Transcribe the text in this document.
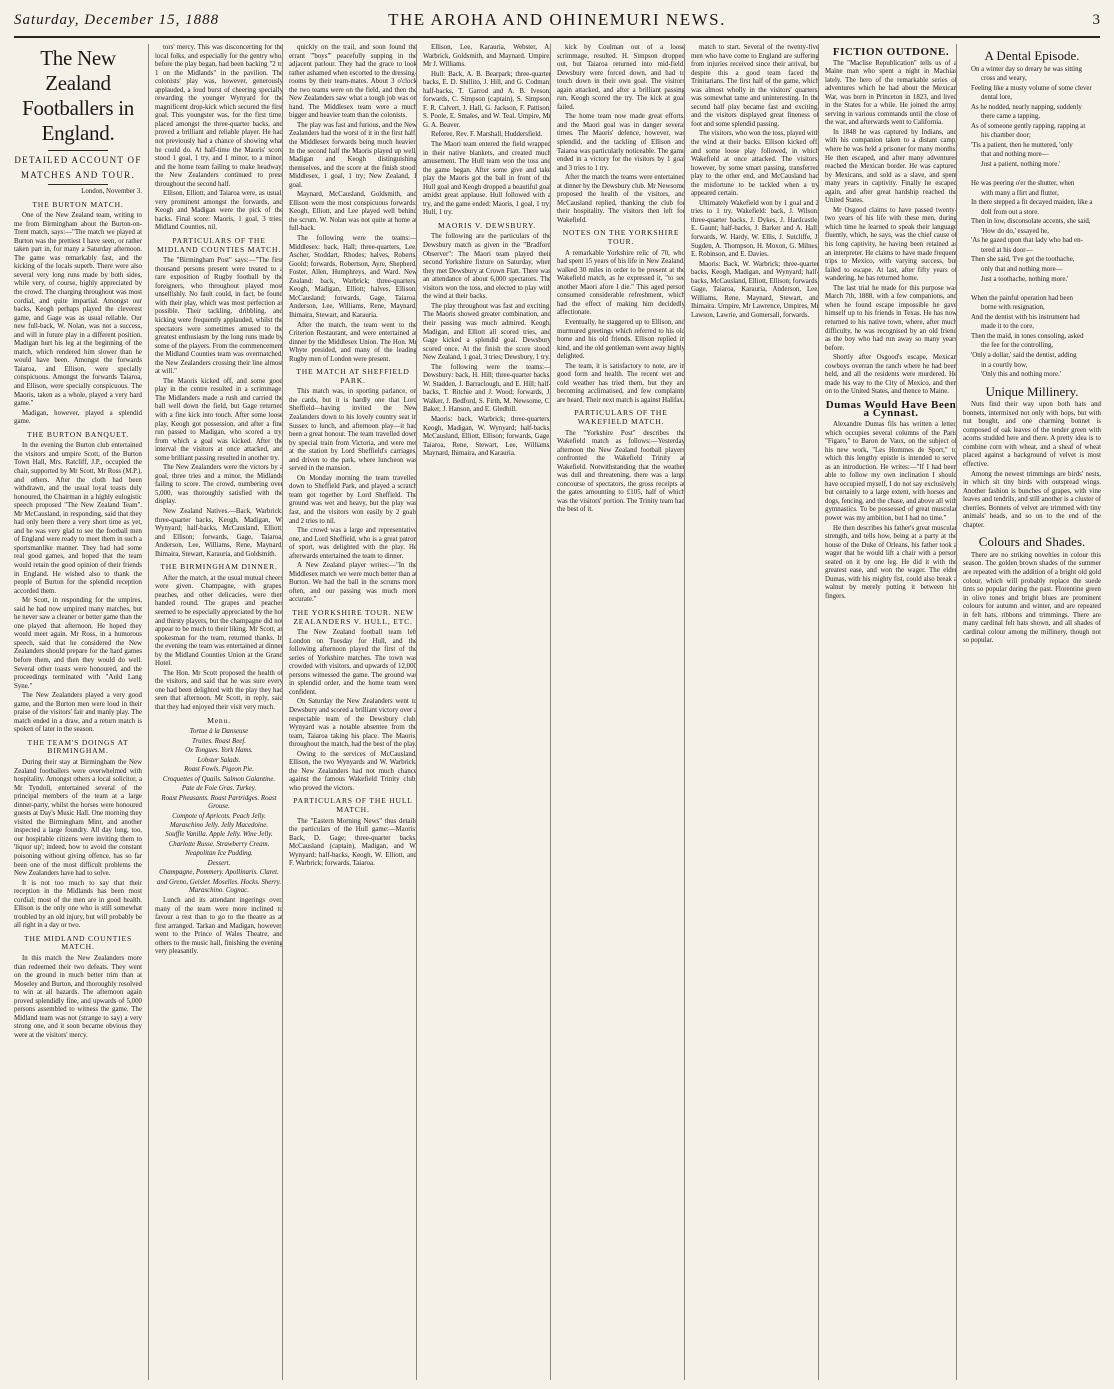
Saturday, December 15, 1888	THE AROHA AND OHINEMURI NEWS.	3
The New Zealand Footballers in England.
DETAILED ACCOUNT OF
MATCHES AND TOUR.

London, November 3.

THE BURTON MATCH.

One of the New Zealand team, writing to me from Birmingham about the Burton-on-Trent match, says:—"The match we played at Burton was the prettiest I have seen, or rather taken part in, for many a Saturday afternoon. The game was remarkably fast, and the kicking of the locals superb. There were also several very long runs made by both sides, while very, of course, highly appreciated by the crowd. The charging throughout was most cordial, and quite impartial. Amongst our backs, Keogh perhaps played the cleverest game, and Gage was as usual reliable. Our new full-back, W. Nolan, was not a success, and will in future play in a different position. Madigan hurt his leg at the beginning of the match, which rendered him slower than he would have been. Amongst the forwards Taiaroa, and Ellison, were specially conspicuous. Amongst the forwards Taiaroa, and Ellison, were specially conspicuous. The Maoris, taken as a whole, played a very hard game."

Madigan, however, played a splendid game.

THE BURTON BANQUET.

In the evening the Burton club entertained the visitors and umpire Scott, of the Burton Town Hall, Mrs. Ratcliff, J.P., occupied the chair, supported by Mr Scott, Mr Ross (M.P.), and others. After the cloth had been withdrawn, and the usual loyal toasts duly honoured, the Chairman in a highly eulogistic speech proposed "The New Zealand Team". Mr McCausland, in responding, said that they had only been there a very short time as yet, and he was very glad to see the football men of England were ready to meet them in such a sportsmanlike manner. They had had some real good games, and hoped that the team would retain the good opinion of their friends in England. He wished also to thank the people of Burton for the splendid reception accorded them.

Mr Scott, in responding for the umpires, said he had now umpired many matches, but he never saw a cleaner or better game than the one played that afternoon. He hoped they would meet again. Mr Ross, in a humorous speech, said that he considered the New Zealanders should prepare for the hard games before them, and then they would do well. Several other toasts were honoured, and the proceedings terminated with "Auld Lang Syne."

The New Zealanders played a very good game, and the Burton men were loud in their praise of the visitors' fair and manly play. The match ended in a draw, and a return match is spoken of later in the season.

THE TEAM'S DOINGS AT BIRMINGHAM.

During their stay at Birmingham the New Zealand footballers were overwhelmed with hospitality. Amongst others a local solicitor, a Mr Tyndoll, entertained several of the principal members of the team at a large dinner-party, whilst the horses were honoured guests at Day's Music Hall. One morning they visited the Birmingham Mint, and another inspected a large foundry. All day long, too, our hospitable citizens were inviting them to 'liquor up'; indeed, how to avoid the constant poisoning without giving offence, has so far been one of the most difficult problems the New Zealanders have had to solve.

It is not too much to say that their reception in the Midlands has been most cordial; most of the men are in good health. Ellison is the only one who is still somewhat troubled by an old injury, but will probably be all right in a day or two.

THE MIDLAND COUNTIES MATCH.

In this match the New Zealanders more than redeemed their two defeats. They went on the ground in much better trim than at Moseley and Burton, and thoroughly resolved to win at all hazards. The afternoon again proved splendidly fine, and upwards of 5,000 persons assembled to witness the game. The Midland team was not (strange to say) a very strong one, and it soon became obvious they were at the visitors' mercy.

tors' mercy. This was disconcerting for the local folks, and especially for the gentry who, before the play began, had been backing "2 to 1 on the Midlands" in the pavilion. The colonists' play was, however, generously applauded, a loud burst of cheering specially rewarding the younger Wynyard for the magnificent drop-kick which secured the first goal. This youngster was, for the first time, placed amongst the three-quarter backs, and proved a brilliant and reliable player. He had not previously had a chance of showing what he could do. At half-time the Maoris' score stood 1 goal, 1 try, and 1 minor, to a minor, and the home team failing to make headway, the New Zealanders continued to press throughout the second half.

Ellison, Elliott, and Taiaroa were, as usual, very prominent amongst the forwards, and Keogh and Madigan were the pick of the backs. Final score: Maoris, 1 goal, 3 tries; Midland Counties, nil.

PARTICULARS OF THE MIDLAND COUNTIES MATCH.

The "Birmingham Post" says:—"The first thousand persons present were treated to a rare exposition of Rugby football by the foreigners, who throughout played most unselfishly. No fault could, in fact, be found with their play, which was most perfection as possible. Their tackling, dribbling, and kicking were frequently applauded, whilst the spectators were sometimes amused to the greatest enthusiasm by the long runs made by some of the players. From the commencement the Midland Counties team was overmatched, the New Zealanders crossing their line almost at will."

The Maoris kicked off, and some good play in the centre resulted in a scrimmage. The Midlanders made a rush and carried the ball well down the field, but Gage returned with a fine kick into touch. After some loose play, Keogh got possession, and after a fine run passed to Madigan, who scored a try, from which a goal was kicked. After the interval the visitors at once attacked, and some brilliant passing resulted in another try.

The New Zealanders were the victors by a goal, three tries and a minor, the Midlands failing to score. The crowd, numbering over 5,000, was thoroughly satisfied with the display.

New Zealand Natives.—Back, Warbrick; three-quarter backs, Keogh, Madigan, W. Wynyard; half-backs, McCausland, Elliott, and Ellison; forwards, Gage, Taiaroa, Anderson, Lee, Williams, Rene, Maynard, Ihimaira, Stewart, Karauria, and Goldsmith.

THE BIRMINGHAM DINNER.

After the match, at the usual mutual cheers were given. Champagne, with grapes, peaches, and other delicacies, were then handed round. The grapes and peaches seemed to be especially appreciated by the hot and thirsty players, but the champagne did not appear to be much to their liking. Mr Scott, as spokesman for the team, returned thanks. In the evening the team was entertained at dinner by the Midland Counties Union at the Grand Hotel.

The Hon. Mr Scott proposed the health of the visitors, and said that he was sure every one had been delighted with the play they had seen that afternoon. Mr Scott, in reply, said that they had enjoyed their visit very much.

Menu.

Tortue à la Danseuse

Truites. Roast Beef.

Ox Tongues. York Hams.

Lobster Salads.

Roast Fowls. Pigeon Pie.

Croquettes of Quails. Salmon Galantine.

Pate de Foie Gras. Turkey.

Roast Pheasants. Roast Partridges. Roast Grouse.

Compote of Apricots. Peach Jelly. Maraschino Jelly. Jelly Macedoine.

Souffle Vanilla. Apple Jelly. Wine Jelly.

Charlotte Russe. Strawberry Cream.

Neapolitan Ice Pudding.

Dessert.

Champagne, Pommery. Apollinaris. Claret.

and Greno, Geisler. Moselles. Hocks. Sherry. Maraschino. Cognac.

Lunch and its attendant ingerings over, many of the team were more inclined to favour a rest than to go to the theatre as at first arranged. Tarkan and Madigan, however, went to the Prince of Wales Theatre, and others to the music hall, finishing the evening very pleasantly.

quickly on the trail, and soon found the errant '"boys"' peacefully supping in the adjacent parlour. They had the grace to look rather ashamed when escorted to the dressing-rooms by their team-mates. About 3 o'clock the two teams were on the field, and then the New Zealanders saw what a tough job was on hand. The Middlesex team were a much bigger and heavier team than the colonists.

The play was fast and furious, and the New Zealanders had the worst of it in the first half, the Middlesex forwards being much heavier. In the second half the Maoris played up well, Madigan and Keogh distinguishing themselves, and the score at the finish stood: Middlesex, 1 goal, 1 try; New Zealand, 1 goal.

Maynard, McCausland, Goldsmith, and Ellison were the most conspicuous forwards; Keogh, Elliott, and Lee played well behind the scrum. W. Nolan was not quite at home at full-back.

The following were the teams:—Middlesex: back, Hall; three-quarters, Lee, Ascher, Stoddart, Rhodes; halves, Roberts, Goold; forwards, Robertson, Ayre, Shepherd, Foster, Allen, Humphreys, and Ward. New Zealand: back, Warbrick; three-quarters, Keogh, Madigan, Elliott; halves, Ellison, McCausland; forwards, Gage, Taiaroa, Anderson, Lee, Williams, Rene, Maynard, Ihimaira, Stewart, and Karauria.

After the match, the team went to the Criterion Restaurant, and were entertained at dinner by the Middlesex Union. The Hon. Mr Whyte presided, and many of the leading Rugby men of London were present.

THE MATCH AT SHEFFIELD PARK.

This match was, in sporting parlance, on the cards, but it is hardly one that Lord Sheffield—having invited the New Zealanders down to his lovely country seat in Sussex to lunch, and afternoon play—it had been a great honour. The team travelled down by special train from Victoria, and were met at the station by Lord Sheffield's carriages, and driven to the park, where luncheon was served in the mansion.

On Monday morning the team travelled down to Sheffield Park, and played a scratch team got together by Lord Sheffield. The ground was wet and heavy, but the play was fast, and the visitors won easily by 2 goals and 2 tries to nil.

The crowd was a large and representative one, and Lord Sheffield, who is a great patron of sport, was delighted with the play. He afterwards entertained the team to dinner.

A New Zealand player writes:—"In the Middlesex match we were much better than at Burton. We had the ball in the scrums more often, and our passing was much more accurate."

THE YORKSHIRE TOUR. NEW ZEALANDERS V. HULL, ETC.

The New Zealand football team left London on Tuesday for Hull, and the following afternoon played the first of the series of Yorkshire matches. The town was crowded with visitors, and upwards of 12,000 persons witnessed the game. The ground was in splendid order, and the home team were confident.

On Saturday the New Zealanders went to Dewsbury and scored a brilliant victory over a respectable team of the Dewsbury club. Wynyard was a notable absentee from the team, Taiaroa taking his place. The Maoris, throughout the match, had the best of the play.

Owing to the services of McCausland, Ellison, the two Wynyards and W. Warbrick, the New Zealanders had not much chance against the famous Wakefield Trinity club, who proved the victors.

PARTICULARS OF THE HULL MATCH.

The "Eastern Morning News" thus details the particulars of the Hull game:—Maoris: Back, D. Gage; three-quarter backs, McCausland (captain), Madigan, and W. Wynyard; half-backs, Keogh, W. Elliott, and F. Warbrick; forwards, Taiaroa.

Ellison, Lee, Karauria, Webster, A. Warbrick, Goldsmith, and Maynard. Umpire, Mr J. Williams.

Hull: Back, A. B. Bearpark; three-quarter backs, E. D. Shillito, J. Hill, and G. Codman; half-backs, T. Garrod and A. B. Iveson; forwards, C. Simpson (captain), S. Simpson, F. R. Calvert, J. Hall, G. Jackson, F. Pattison, S. Poole, E. Smales, and W. Teal. Umpire, Mr G. A. Beaver.

Referee, Rev. F. Marshall, Huddersfield.

The Maori team entered the field wrapped in their native blankets, and created much amusement. The Hull team won the toss and the game began. After some give and take play the Maoris got the ball in front of the Hull goal and Keogh dropped a beautiful goal amidst great applause. Hull followed with a try, and the game ended: Maoris, 1 goal, 1 try; Hull, 1 try.

MAORIS V. DEWSBURY.

The following are the particulars of the Dewsbury match as given in the "Bradford Observer": The Maori team played their second Yorkshire fixture on Saturday, when they met Dewsbury at Crown Flatt. There was an attendance of about 6,000 spectators. The visitors won the toss, and elected to play with the wind at their backs.

The play throughout was fast and exciting. The Maoris showed greater combination, and their passing was much admired. Keogh, Madigan, and Elliott all scored tries, and Gage kicked a splendid goal. Dewsbury scored once. At the finish the score stood: New Zealand, 1 goal, 3 tries; Dewsbury, 1 try.

The following were the teams:—Dewsbury: back, H. Hill; three-quarter backs, W. Stadden, J. Barraclough, and E. Hill; half-backs, T. Ritchie and J. Wood; forwards, J. Walker, J. Bedford, S. Firth, M. Newsome, C. Baker, J. Hanson, and E. Gledhill.

Maoris: back, Warbrick; three-quarters, Keogh, Madigan, W. Wynyard; half-backs, McCausland, Elliott, Ellison; forwards, Gage, Taiaroa, Rene, Stewart, Lee, Williams, Maynard, Ihimaira, and Karauria.

kick by Coulman out of a loose scrimmage, resulted. H. Simpson dropped out, but Taiaroa returned into mid-field. Dewsbury were forced down, and had to touch down in their own goal. The visitors again attacked, and after a brilliant passing run, Keogh scored the try. The kick at goal failed.

The home team now made great efforts, and the Maori goal was in danger several times. The Maoris' defence, however, was splendid, and the tackling of Ellison and Taiaroa was particularly noticeable. The game ended in a victory for the visitors by 1 goal and 3 tries to 1 try.

After the match the teams were entertained at dinner by the Dewsbury club. Mr Newsome proposed the health of the visitors, and McCausland replied, thanking the club for their hospitality. The visitors then left for Wakefield.

NOTES ON THE YORKSHIRE TOUR.

A remarkable Yorkshire relic of 70, who had spent 15 years of his life in New Zealand, walked 30 miles in order to be present at the Wakefield match, as he expressed it, "to see another Maori afore I die." This aged person consumed considerable refreshment, which had the effect of making him decidedly affectionate.

Eventually, he staggered up to Ellison, and murmured greetings which referred to his old home and his old friends. Ellison replied in kind, and the old gentleman went away highly delighted.

The team, it is satisfactory to note, are in good form and health. The recent wet and cold weather has tried them, but they are becoming acclimatised, and few complaints are heard. Their next match is against Halifax.

PARTICULARS OF THE WAKEFIELD MATCH.

The "Yorkshire Post" describes the Wakefield match as follows:—Yesterday afternoon the New Zealand football players confronted the Wakefield Trinity at Wakefield. Notwithstanding that the weather was dull and threatening, there was a large concourse of spectators, the gross receipts at the gates amounting to £105, half of which was the visitors' portion. The Trinity team had the best of it.

match to start. Several of the twenty-five men who have come to England are suffering from injuries received since their arrival, but despite this a good team faced the Trinitarians. The first half of the game, which was almost wholly in the visitors' quarters, was somewhat tame and uninteresting. In the second half play became fast and exciting, and the visitors displayed great fineness of foot and some splendid passing.

The visitors, who won the toss, played with the wind at their backs. Ellison kicked off, and some loose play followed, in which Wakefield at once attacked. The visitors, however, by some smart passing, transferred play to the other end, and McCausland had the misfortune to be tackled when a try appeared certain.

Ultimately Wakefield won by 1 goal and 2 tries to 1 try. Wakefield: back, J. Wilson; three-quarter backs, J. Dykes, J. Hardcastle, E. Gaunt; half-backs, J. Barker and A. Hall; forwards, W. Hardy, W. Ellis, J. Sutcliffe, J. Sugden, A. Thompson, H. Moxon, G. Milnes, E. Robinson, and E. Davies.

Maoris: Back, W. Warbrick; three-quarter backs, Keogh, Madigan, and Wynyard; half-backs, McCausland, Elliott, Ellison; forwards, Gage, Taiaroa, Karauria, Anderson, Lee, Williams, Rene, Maynard, Stewart, and Ihimaira. Umpire, Mr Lawrence, Umpires, Mr Lawson, Lawrie, and Gomersall, forwards.

FICTION OUTDONE.

The "Maclise Republication" tells us of a Maine man who spent a night in Machias lately. The hero of the remarkable series of adventures which he had about the Mexican War, was born in Princeton in 1823, and lived in the States for a while. He joined the army, serving in various commands until the close of the war, and afterwards went to California.

In 1848 he was captured by Indians, and with his companion taken to a distant camp, where he was held a prisoner for many months. He then escaped, and after many adventures reached the Mexican border. He was captured by Mexicans, and sold as a slave, and spent many years in captivity. Finally he escaped again, and after great hardship reached the United States.

Mr Osgood claims to have passed twenty-two years of his life with these men, during which time he learned to speak their language fluently, which, he says, was the chief cause of his long captivity, he having been retained as an interpreter. He claims to have made frequent trips to Mexico, with varying success, but failed to escape. At last, after fifty years of wandering, he has returned home.

The last trial he made for this purpose was March 7th, 1888, with a few companions, and when he found escape impossible he gave himself up to his friends in Texas. He has now returned to his native town, where, after much difficulty, he was recognised by an old friend as the boy who had run away so many years before.

Shortly after Osgood's escape, Mexican cowboys overran the ranch where he had been held, and all the residents were murdered. He made his way to the City of Mexico, and then on to the United States, and thence to Maine.

Dumas Would Have Been a Cynnast.

Alexandre Dumas fils has written a letter, which occupies several columns of the Paris "Figaro," to Baron de Vaux, on the subject of his new work, "Les Hommes de Sport," to which this lengthy epistle is intended to serve as an introduction. He writes:—"If I had been able to follow my own inclination I should have occupied myself, I do not say exclusively, but certainly to a large extent, with horses and dogs, fencing, and the chase, and above all with gymnastics. To be possessed of great muscular power was my ambition, but I had no time."

He then describes his father's great muscular strength, and tells how, being at a party at the house of the Duke of Orleans, his father took a wager that he would lift a chair with a person seated on it by one leg. He did it with the greatest ease, and won the wager. The elder Dumas, with his mighty fist, could also break a walnut by merely putting it between his fingers.

A Dental Episode.

On a winter day so dreary he was sitting

cross and weary,

Feeling like a musty volume of some clever

dental lore,

As he nodded, nearly napping, suddenly

there came a tapping,

As of someone gently rapping, rapping at

his chamber door;

'Tis a patient, then he muttered, 'only

that and nothing more—

Just a patient, nothing more.'

He was peering o'er the shutter, when

with many a flirt and flutter,

In there stepped a fit decayed maiden, like a

doll from out a store.

Then in low, disconsolate accents, she said,

'How do do,' essayed he,

'As he gazed upon that lady who had en-

tered at his door—

Then she said, 'I've got the toothache,

only that and nothing more—

Just a toothache, nothing more.'

When the painful operation had been

borne with resignation,

And the dentist with his instrument had

made it to the core,

Then the maid, in tones consoling, asked

the fee for the controlling,

'Only a dollar,' said the dentist, adding

in a courtly bow,

'Only this and nothing more.'

Unique Millinery.

Nuts find their way upon both hats and bonnets, intermixed not only with hops, but with nut bought, and one charming bonnet is composed of oak leaves of the tender green with acorns studded here and there. A pretty idea is to combine corn with wheat, and a sheaf of wheat placed against a background of velvet is most effective.

Among the newest trimmings are birds' nests, in which sit tiny birds with outspread wings. Another fashion is bunches of grapes, with vine leaves and tendrils, and still another is a cluster of cherries. Bonnets of velvet are trimmed with tiny animals' heads, and so on to the end of the chapter.

Colours and Shades.

There are no striking novelties in colour this season. The golden brown shades of the summer are repeated with the addition of a bright old gold colour, which will probably replace the suede tints so popular during the past. Florentine green in olive tones and bright blues are prominent colours for autumn and winter, and are repeated in felt hats, ribbons and trimmings. There are many cardinal felt hats shown, and all shades of cardinal colour among the millinery, though not so popular.
